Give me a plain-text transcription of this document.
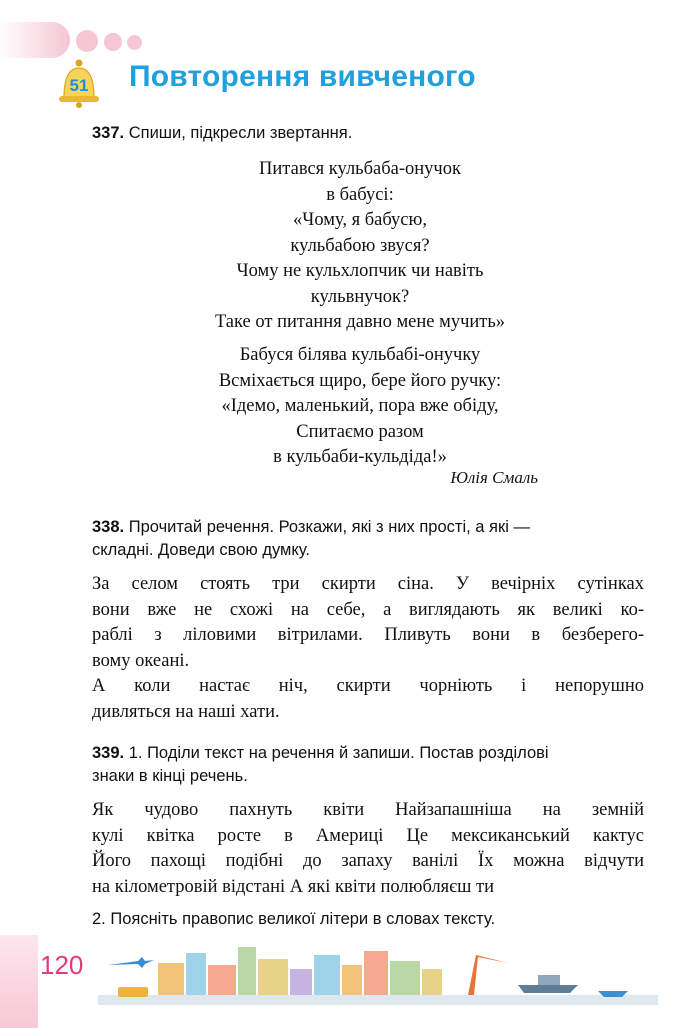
51 Повторення вивченого
337. Спиши, підкресли звертання.
Питався кульбаба-онучок
в бабусі:
«Чому, я бабусю,
кульбабою звуся?
Чому не кульхлопчик чи навіть
кульвнучок?
Таке от питання давно мене мучить»
Бабуся білява кульбабі-онучку
Всміхається щиро, бере його ручку:
«Ідемо, маленький, пора вже обіду,
Спитаємо разом
в кульбаби-кульдіда!»
Юлія Смаль
338. Прочитай речення. Розкажи, які з них прості, а які —
складні. Доведи свою думку.
За селом стоять три скирти сіна. У вечірніх сутінках
вони вже не схожі на себе, а виглядають як великі ко-
раблі з ліловими вітрилами. Пливуть вони в безберего-
вому океані.
А коли настає ніч, скирти чорніють і непорушно
дивляться на наші хати.
339. 1. Поділи текст на речення й запиши. Постав розділові
знаки в кінці речень.
Як чудово пахнуть квіти Найзапашніша на земній
кулі квітка росте в Америці Це мексиканський кактус
Його пахощі подібні до запаху ванілі Їх можна відчути
на кілометровій відстані А які квіти полюбляєш ти
2. Поясніть правопис великої літери в словах тексту.
120
